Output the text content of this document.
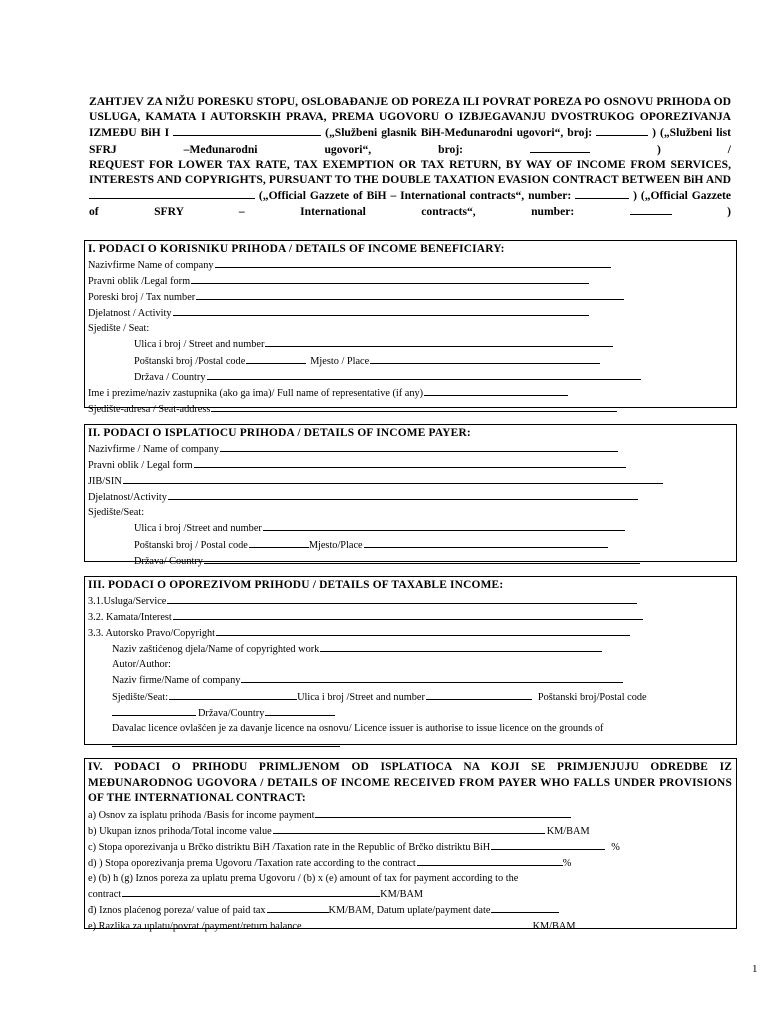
ZAHTJEV ZA NIŽU PORESKU STOPU, OSLOBAĐANJE OD POREZA ILI POVRAT POREZA PO OSNOVU PRIHODA OD USLUGA, KAMATA I AUTORSKIH PRAVA, PREMA UGOVORU O IZBJEGAVANJU DVOSTRUKOG OPOREZIVANJA IZMEĐU BiH I	(„Službeni glasnik BiH-Međunarodni ugovori“, broj:	) („Službeni list SFRJ –Međunarodni ugovori“, broj:	) /

REQUEST FOR LOWER TAX RATE, TAX EXEMPTION OR TAX RETURN, BY WAY OF INCOME FROM SERVICES, INTERESTS AND COPYRIGHTS, PURSUANT TO THE DOUBLE TAXATION EVASION CONTRACT BETWEEN BiH AND  („Official Gazzete of BiH – International contracts“, number:	) („Official Gazzete of SFRY – International contracts“, number:	)

I. PODACI O KORISNIKU PRIHODA / DETAILS OF INCOME BENEFICIARY:
Nazivfirme Name of company
Pravni oblik /Legal form
Poreski broj / Tax number
Djelatnost / Activity
Sjedište / Seat:
Ulica i broj / Street and number
Poštanski broj /Postal code	Mjesto / Place
Država / Country
Ime i prezime/naziv zastupnika (ako ga ima)/ Full name of representative (if any)
Sjedište-adresa / Seat-address
II. PODACI O ISPLATIOCU PRIHODA / DETAILS OF INCOME PAYER:
Nazivfirme / Name of company
Pravni oblik / Legal form
JIB/SIN
Djelatnost/Activity
Sjedište/Seat:
Ulica i broj /Street and number
Poštanski broj / Postal code	Mjesto/Place
Država/ Country
III. PODACI O OPOREZIVOM PRIHODU / DETAILS OF TAXABLE INCOME:
3.1.Usluga/Service
3.2. Kamata/Interest
3.3. Autorsko Pravo/Copyright
Naziv zaštićenog djela/Name of copyrighted work
Autor/Author:
Naziv firme/Name of company
Sjedište/Seat:	Ulica i broj /Street and number	Poštanski broj/Postal code
Država/Country
Davalac licence ovlašćen je za davanje licence na osnovu/ Licence issuer is authorise to issue licence on the grounds of
IV. PODACI O PRIHODU PRIMLJENOM OD ISPLATIOCA NA KOJI SE PRIMJENJUJU ODREDBE IZ MEĐUNARODNOG UGOVORA / DETAILS OF INCOME RECEIVED FROM PAYER WHO FALLS UNDER PROVISIONS OF THE INTERNATIONAL CONTRACT:
a) Osnov za isplatu prihoda /Basis for income payment
b) Ukupan iznos prihoda/Total income value	KM/BAM
c) Stopa oporezivanja u Brčko distriktu BiH /Taxation rate in the Republic of Brčko distriktu BiH	%
d) ) Stopa oporezivanja prema Ugovoru /Taxation rate according to the contract	%
e) (b) h (g) Iznos poreza za uplatu prema Ugovoru / (b) x (e) amount of tax for payment according to the
contract	KM/BAM
đ) Iznos plaćenog poreza/ value of paid tax	KM/BAM, Datum uplate/payment date
e) Razlika za uplatu/povrat /payment/return balance	KM/BAM
1
